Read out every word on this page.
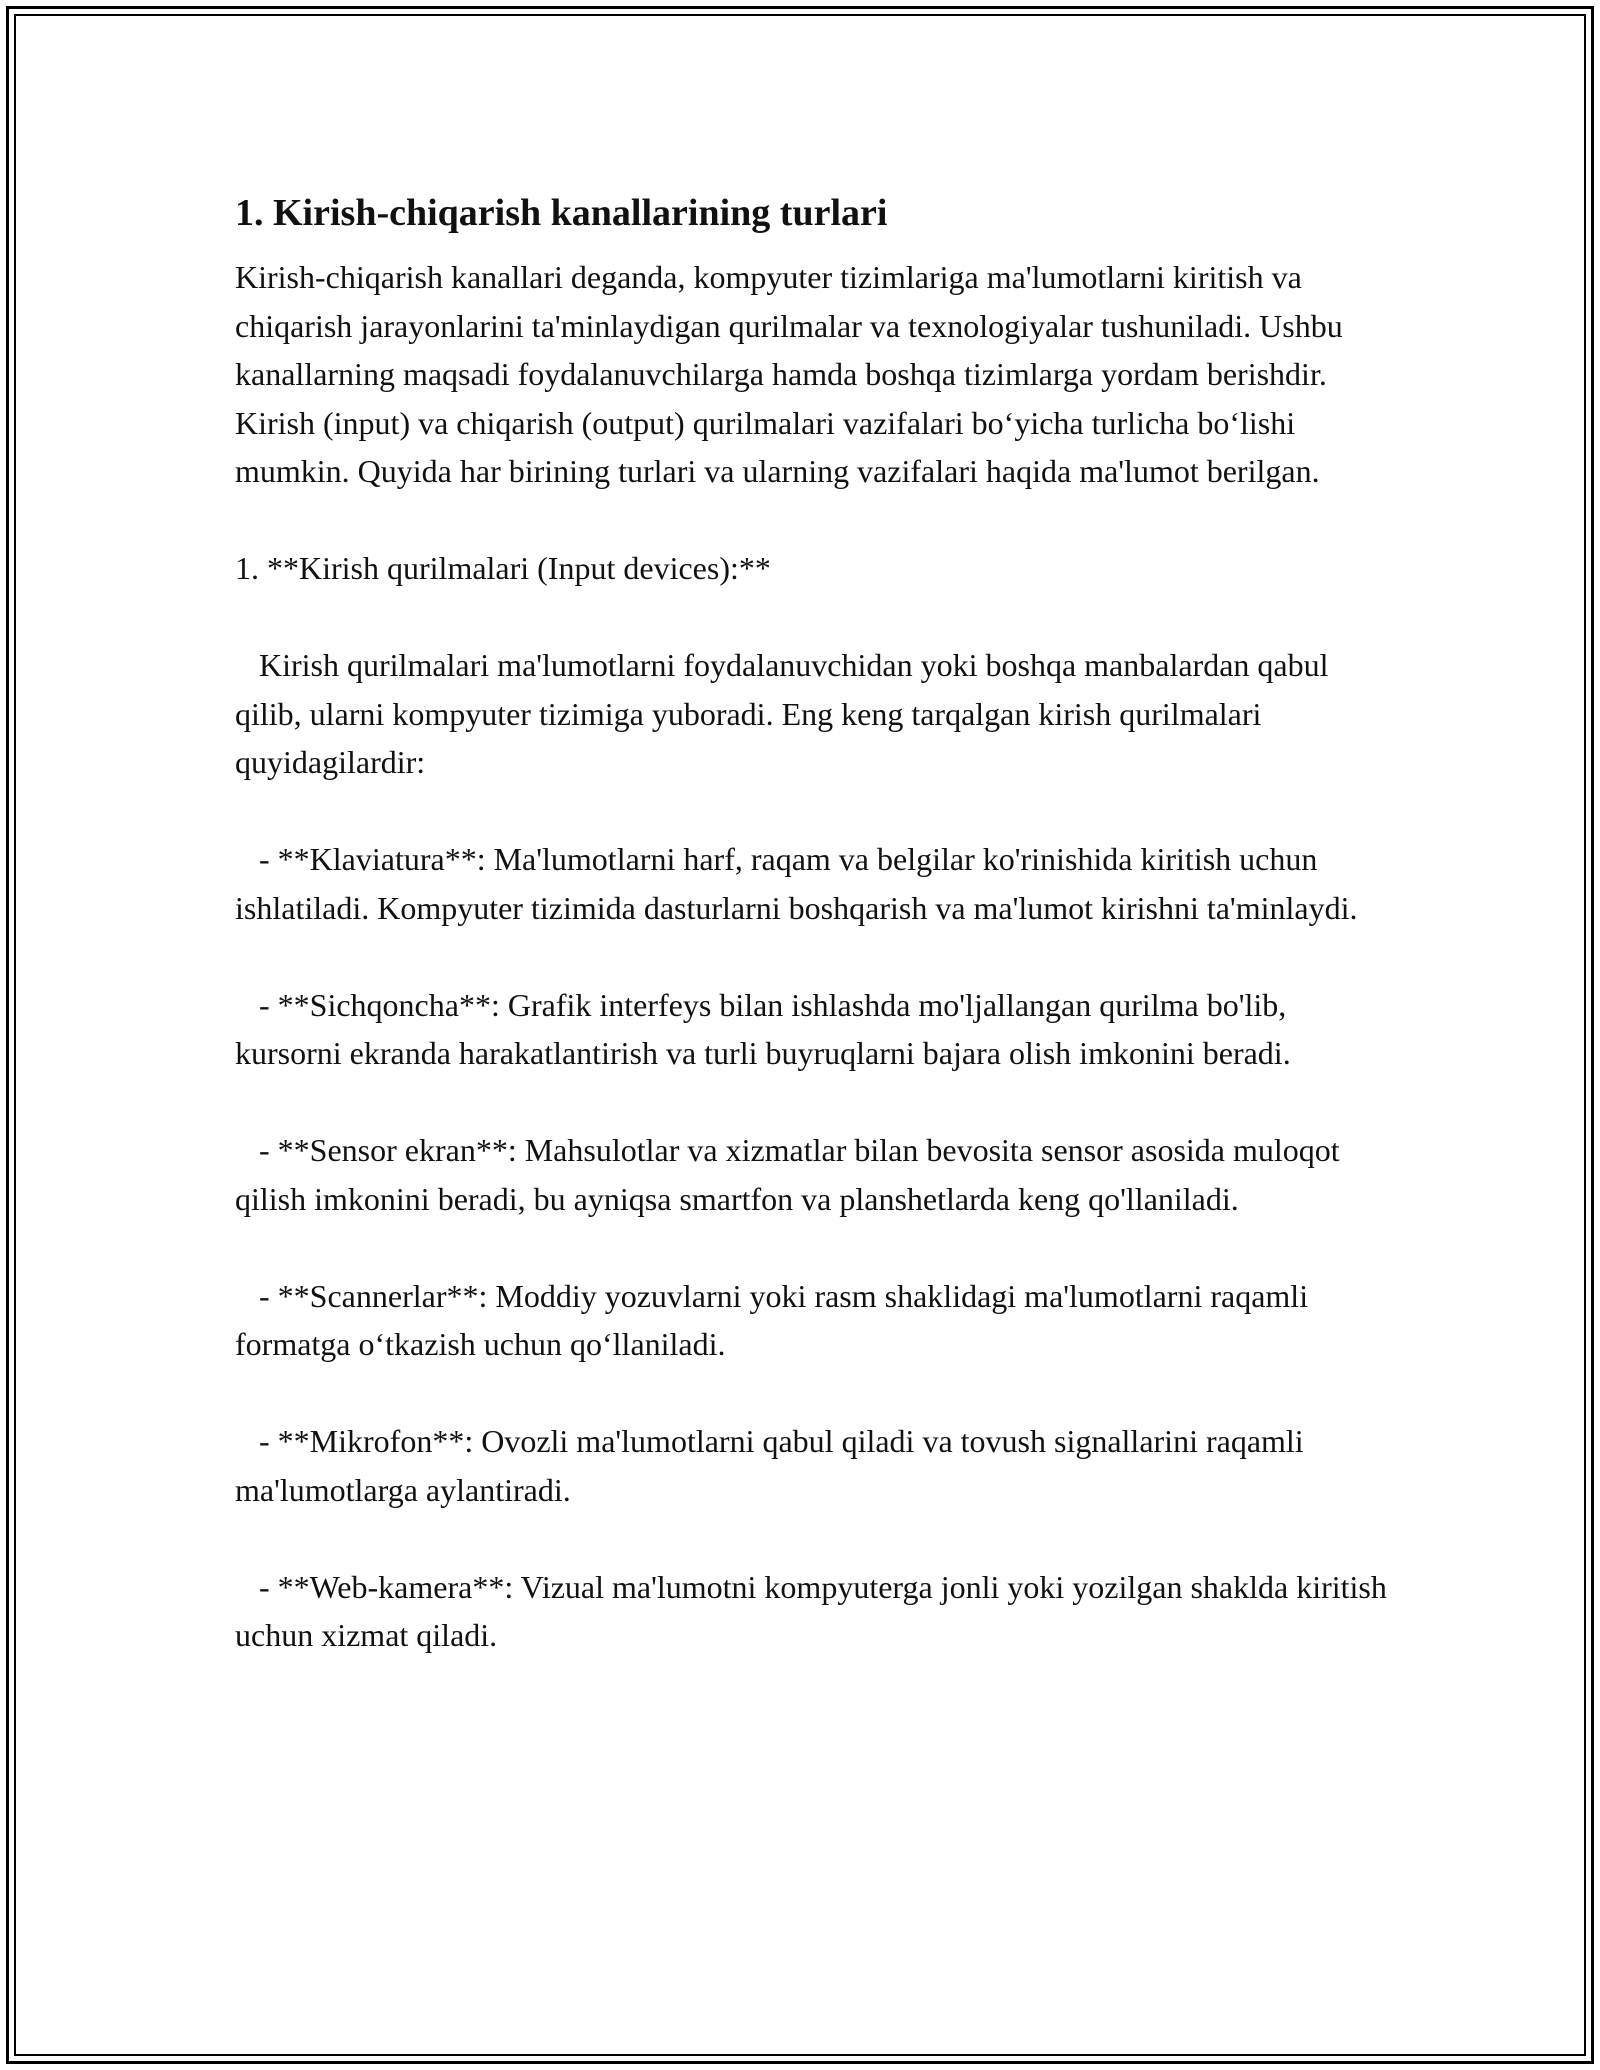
1. Kirish-chiqarish kanallarining turlari

Kirish-chiqarish kanallari deganda, kompyuter tizimlariga ma'lumotlarni kiritish va chiqarish jarayonlarini ta'minlaydigan qurilmalar va texnologiyalar tushuniladi. Ushbu kanallarning maqsadi foydalanuvchilarga hamda boshqa tizimlarga yordam berishdir. Kirish (input) va chiqarish (output) qurilmalari vazifalari bo‘yicha turlicha bo‘lishi mumkin. Quyida har birining turlari va ularning vazifalari haqida ma'lumot berilgan.

1. **Kirish qurilmalari (Input devices):**

Kirish qurilmalari ma'lumotlarni foydalanuvchidan yoki boshqa manbalardan qabul qilib, ularni kompyuter tizimiga yuboradi. Eng keng tarqalgan kirish qurilmalari quyidagilardir:

- **Klaviatura**: Ma'lumotlarni harf, raqam va belgilar ko'rinishida kiritish uchun ishlatiladi. Kompyuter tizimida dasturlarni boshqarish va ma'lumot kirishni ta'minlaydi.

- **Sichqoncha**: Grafik interfeys bilan ishlashda mo'ljallangan qurilma bo'lib, kursorni ekranda harakatlantirish va turli buyruqlarni bajara olish imkonini beradi.

- **Sensor ekran**: Mahsulotlar va xizmatlar bilan bevosita sensor asosida muloqot qilish imkonini beradi, bu ayniqsa smartfon va planshetlarda keng qo'llaniladi.

- **Scannerlar**: Moddiy yozuvlarni yoki rasm shaklidagi ma'lumotlarni raqamli formatga o‘tkazish uchun qo‘llaniladi.

- **Mikrofon**: Ovozli ma'lumotlarni qabul qiladi va tovush signallarini raqamli ma'lumotlarga aylantiradi.

- **Web-kamera**: Vizual ma'lumotni kompyuterga jonli yoki yozilgan shaklda kiritish uchun xizmat qiladi.
